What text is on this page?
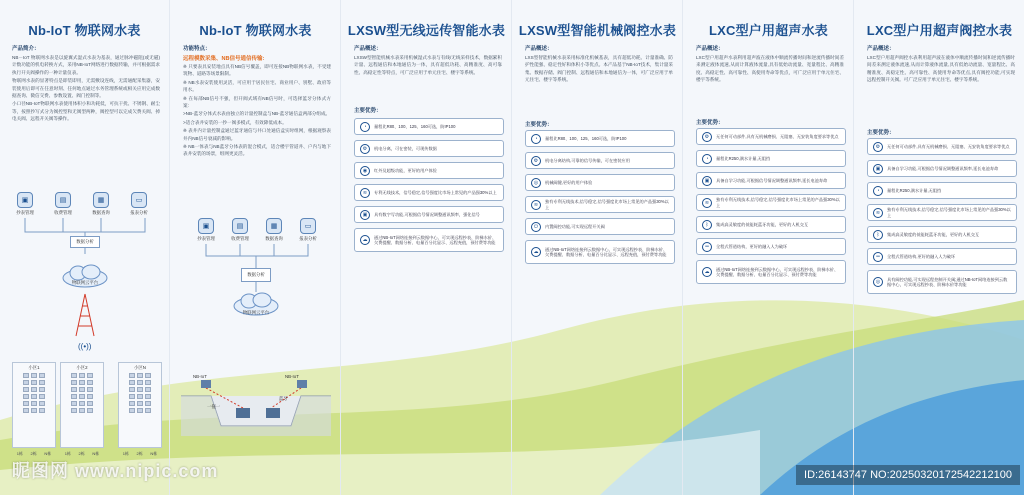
Nb-IoT 物联网水表
产品简介：

NB－IoT 物联网水表是以旋翼式湿式水表为基表，通过脉冲磁阻(或无磁)计数功能的机电转换方式，采用NB-IoT网络进行数据传输，并可根据需求执行开关阀操作的一种计量仪表。

物联网水表的显著特点是即装即用，无需敷设连线，无需通配采集器，安装使用后即可在任意时刻、任何地点通过水务管理系统或相关应用完成数据查询、微信交费、参数设置、阀门控制等。

小口径NB-IoT物联网水表使用体积小和功耗低，可抗干扰、不锈钢、耐尘等，按照抄写式分为阀控型和无阀型两种，阀控型可以完成欠费关阀、掉电关阀、远程开关阀等操作。

▣
抄表管理
▤
收费管理
▦
数据查询
▭
报表分析
数据分析
物联网云平台
((•))
小区1
1栋 2栋 N栋
小区2
1栋 2栋 N栋
小区N
1栋 2栋 N栋
Nb-IoT 物联网水表
功能特点：
远程模数采集、NB信号通信传输:

※ 只要表具安装地点具有NB信号覆盖，即可连接NB物联网水表，不受建筑物、道路等场景限制。

※ NB水表安装使用灵活，可应用于居民住宅、商业用户、别墅、政府等用水。

※ 在每部NB信号不强，但开阀式域有NB信号时，可选择蓝牙分体式方案：

>NB-蓝牙分体式水表由独立的计量控制盒与NB-蓝牙通信盒两部分组成。

>适合表井安装的一抄一阀多模式，有效降低成本。

※ 表井内计量控制盒通过蓝牙通信与井口处通信盒实时组网，根据观察表井内NB信号衰减的影响。

※ NB一体表与NB蓝牙分体表的混合模式，适合楼宇管道井、户内与地下表井安装的场景，组网更灵活。

▣
抄表管理
▤
收费管理
▦
数据查询
▭
报表分析
数据分析
物联网云平台
NB-IoT	NB-IoT
蓝牙
一拖一
LXSW型无线远传智能水表
产品概述：

LXSW型智能机械水表采用机械湿式水表与有线/无线采样技术，数据累积计量、远程通信和本地通信为一体，具有超低功耗、高精准度、高可靠性、高稳定性等特点，可广泛应用于单元住宅、楼宇等系统。

主要优势：
◔	量程比R80、100、125、160可选，防IP100
⚙	机电分离，可在密装，可现传数据
◉	红外及超级功能，更好的用户体验
≋	专利无线技术，信号稳定,信号强度比市场上常见的产品强30%以上
▣	具有数字写功能,可根据信号情况调整通讯频率，强化信号
☁	通过NB-IoT网络连接到云数据中心，可实现远程抄表、阶梯水价、欠费提醒、数据分析、电量百分比显示、远程充值，预付费等功能
LXSW型智能机械阀控水表
产品概述：

LXS型智能机械水表采用标准化机械基表，具有超低功耗、计量准确、防护性能强、稳定性好和体积小等优点。本产品基于NB-IoT技术，集计量采集、数据存储、阀门控制、远程通信和本地通信为一体，可广泛应用于单元住宅、楼宇等系统。

主要优势：
◔	量程比R80、100、125、160可选，防IP100
⚙	机电分离结构,可靠的信号传输，可在密装应用
◎	机械阀键,更好的用户体验
≋	独有专利无线技术,信号稳定,信号强度比市场上常见的产品强30%以上
⏻	内置阀控功能,可实现远程开关阀
☁	通过NB-IoT网络连接到云数据中心，可实现远程抄表、阶梯水价、欠费提醒、数据分析、电量百分比显示、远程充值，预付费等功能
LXC型户用超声水表
产品概述：

LXC型户用超声水表利用超声波在液体中顺流传播时间和逆流传播时间差来测定液体流速,从而计算液体流量,具有低始动流量、宽量程比、高精准度、高稳定性、高可靠性、高使用寿命等优点，可广泛应用于单元住宅、楼宇等系统。

主要优势：
⚙	无任何可动部件,具有无机械磨损、无阻塞、无安装角度要求等优点
◔	量程比R250,满水计量,无阻挡
▣	具备自学习功能,可根据信号情况调整通讯频率,延长电池寿命
≋	独有专利无线技术,信号稳定,信号强度比市场上常见的产品强30%以上
ᛒ	集成高灵敏度的低能耗蓝牙功能，更好的人机交互
═	全程式管道结构，更好的融入人为破坏
☁	通过NB-IoT网络连接到云数据中心，可实现远程抄表、阶梯水价、欠费提醒、数据分析、电量百分比显示、预付费等功能
LXC型户用超声阀控水表
产品概述：

LXC型户用超声阀控水表利用超声波在液体中顺流传播时间和逆流传播时间差来测定液体流速,从而计算液体流量,具有低始动流量、宽量程比、高精准度、高稳定性、高可靠性、高使用寿命等优点,具有阀控功能,可实现远程控制开关阀。可广泛应用于单元住宅、楼宇等系统。

主要优势：
⚙	无任何可动部件,具有无机械磨损、无阻塞、无安装角度要求等优点
▣	具备自学习功能,可根据信号情况调整通讯频率,延长电池寿命
◔	量程比R250,满水计量,无阻挡
≋	独有专利无线技术,信号稳定,信号强度比市场上常见的产品强30%以上
ᛒ	集成高灵敏度的低能耗蓝牙功能，更好的人机交互
═	全程式管道结构,更好的融入人为破坏
◎	具有阀控功能,可实现远程控制开关阀;通过NB-IoT网络连接到云数据中心，可实现远程抄表、阶梯水价等功能
昵图网 www.nipic.com	ID:26143747 NO:20250320172542212100
